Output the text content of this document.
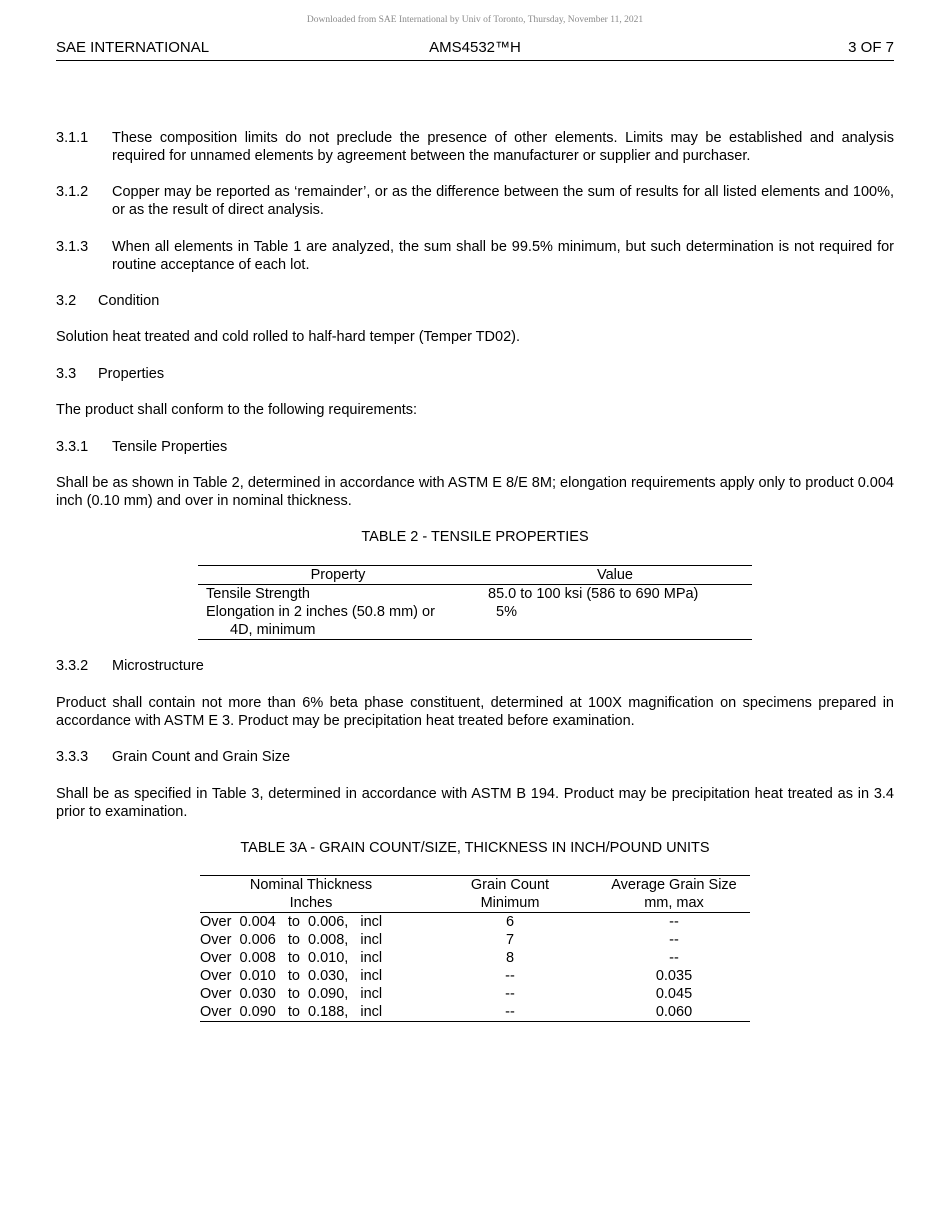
Downloaded from SAE International by Univ of Toronto, Thursday, November 11, 2021
SAE INTERNATIONAL	AMS4532™H	3 OF 7
3.1.1 These composition limits do not preclude the presence of other elements. Limits may be established and analysis required for unnamed elements by agreement between the manufacturer or supplier and purchaser.
3.1.2 Copper may be reported as ‘remainder’, or as the difference between the sum of results for all listed elements and 100%, or as the result of direct analysis.
3.1.3 When all elements in Table 1 are analyzed, the sum shall be 99.5% minimum, but such determination is not required for routine acceptance of each lot.
3.2 Condition
Solution heat treated and cold rolled to half-hard temper (Temper TD02).
3.3 Properties
The product shall conform to the following requirements:
3.3.1 Tensile Properties
Shall be as shown in Table 2, determined in accordance with ASTM E 8/E 8M; elongation requirements apply only to product 0.004 inch (0.10 mm) and over in nominal thickness.
TABLE 2 - TENSILE PROPERTIES
Property	Value
Tensile Strength	85.0 to 100 ksi (586 to 690 MPa)

Elongation in 2 inches (50.8 mm) or
4D, minimum	5%
3.3.2 Microstructure
Product shall contain not more than 6% beta phase constituent, determined at 100X magnification on specimens prepared in accordance with ASTM E 3. Product may be precipitation heat treated before examination.
3.3.3 Grain Count and Grain Size
Shall be as specified in Table 3, determined in accordance with ASTM B 194. Product may be precipitation heat treated as in 3.4 prior to examination.
TABLE 3A - GRAIN COUNT/SIZE, THICKNESS IN INCH/POUND UNITS
Nominal Thickness	Grain Count	Average Grain Size
Inches	Minimum	mm, max
Over  0.004   to  0.006,   incl	6	--
Over  0.006   to  0.008,   incl	7	--
Over  0.008   to  0.010,   incl	8	--
Over  0.010   to  0.030,   incl	--	0.035
Over  0.030   to  0.090,   incl	--	0.045
Over  0.090   to  0.188,   incl	--	0.060
